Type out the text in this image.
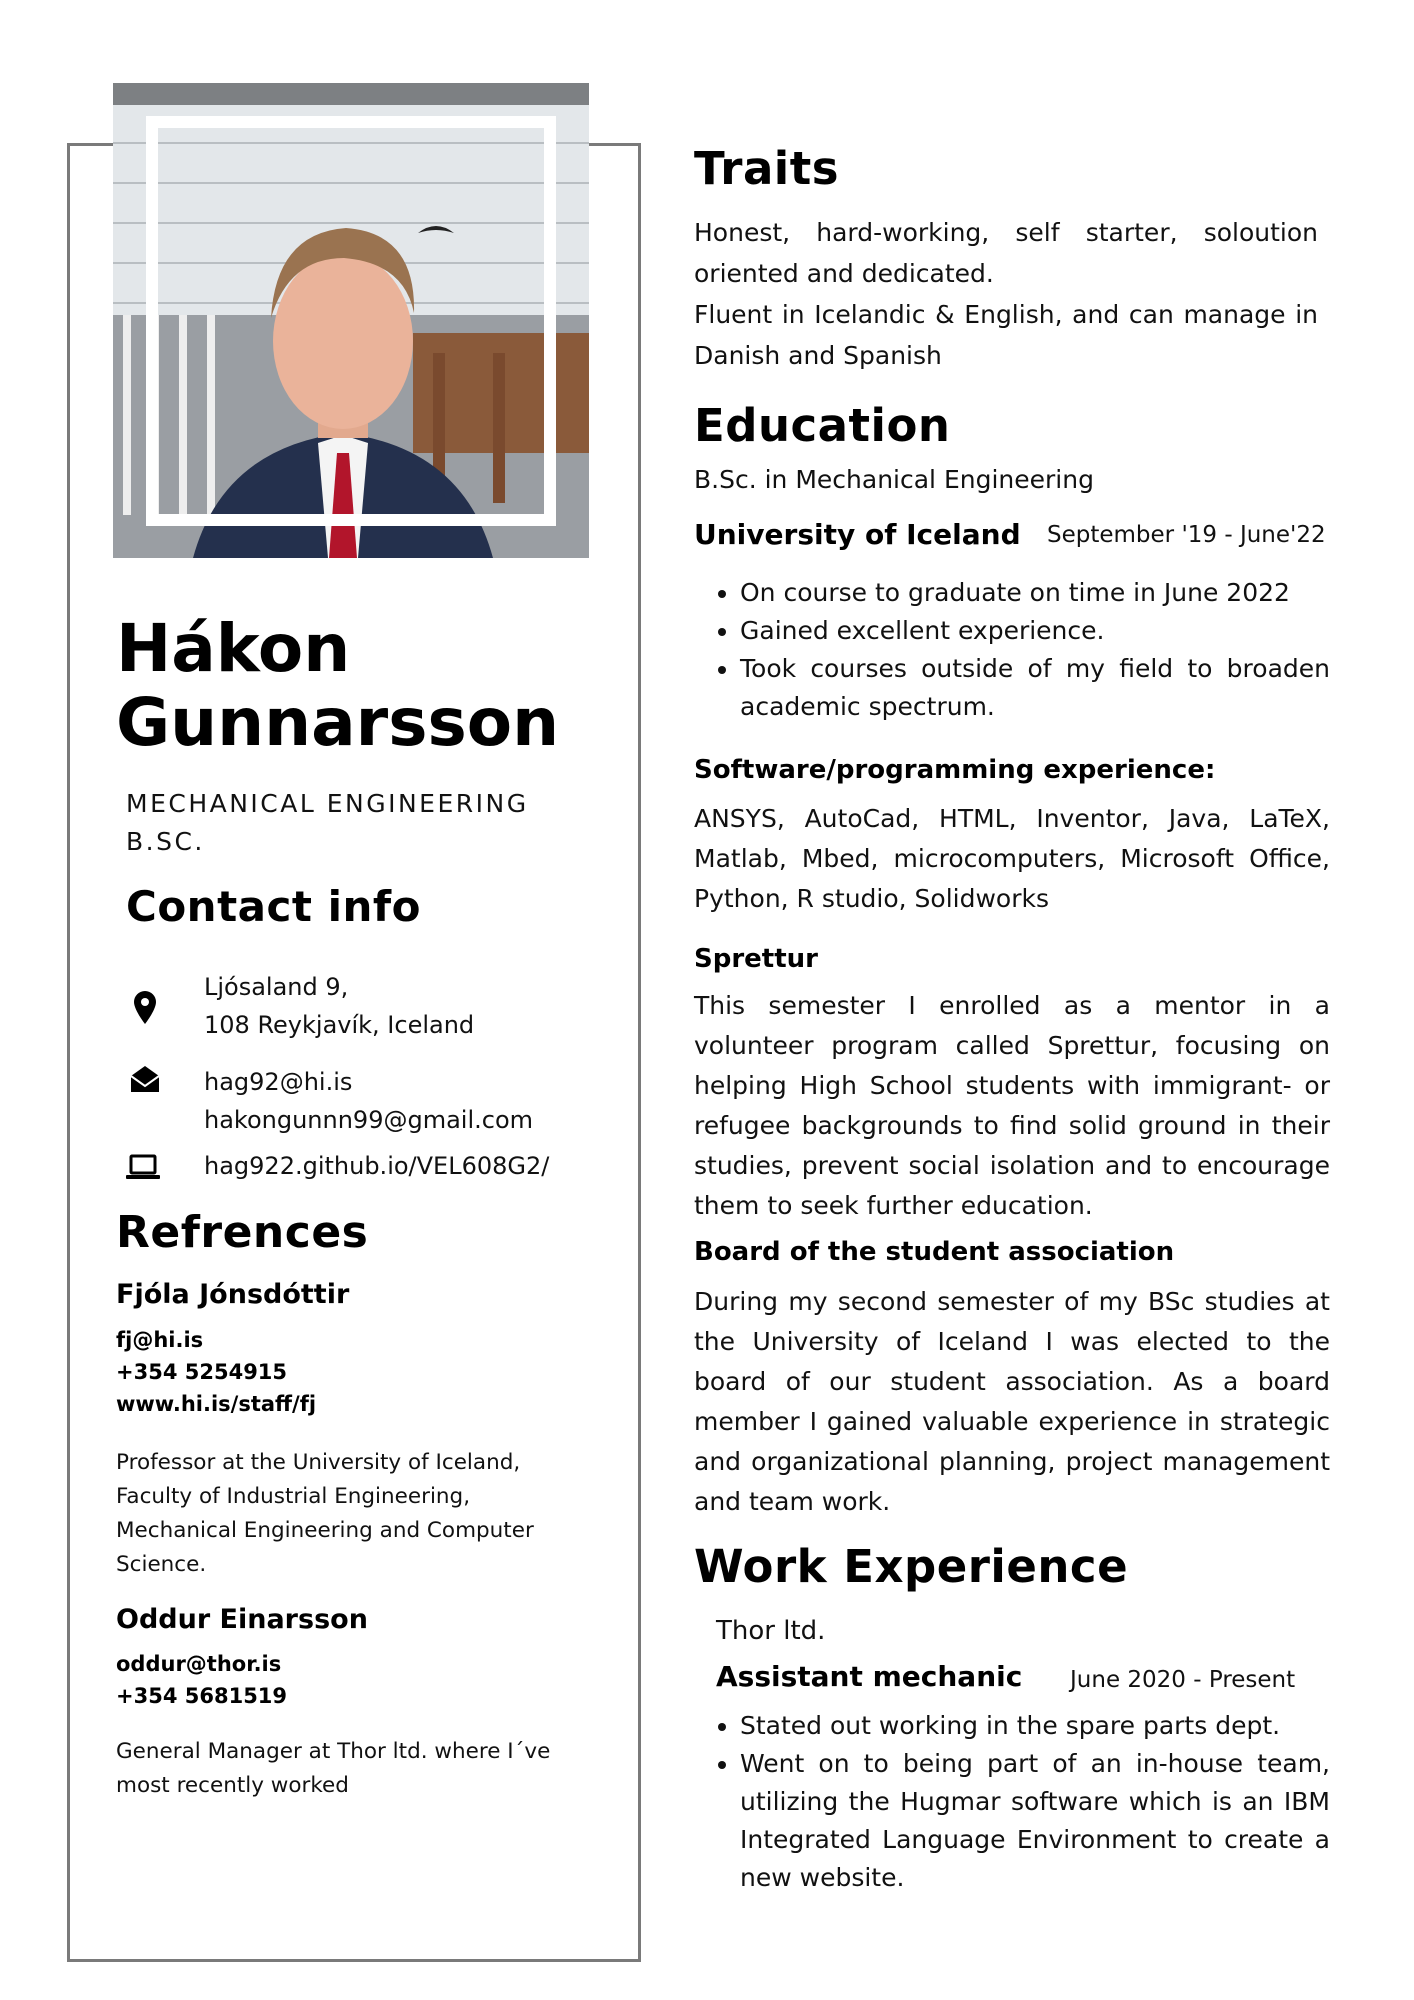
Hákon Gunnarsson
MECHANICAL ENGINEERING B.SC.
Contact info
Ljósaland 9,
108 Reykjavík, Iceland
hag92@hi.is
hakongunnn99@gmail.com
hag922.github.io/VEL608G2/
Refrences
Fjóla Jónsdóttir
fj@hi.is
+354 5254915
www.hi.is/staff/fj
Professor at the University of Iceland, Faculty of Industrial Engineering, Mechanical Engineering and Computer Science.
Oddur Einarsson
oddur@thor.is
+354 5681519
General Manager at Thor ltd. where I´ve most recently worked
Traits
Honest, hard-working, self starter, soloution oriented and dedicated.
Fluent in Icelandic & English, and can manage in Danish and Spanish
Education
B.Sc. in Mechanical Engineering
University of Iceland September '19 - June'22
• On course to graduate on time in June 2022
• Gained excellent experience.
• Took courses outside of my field to broaden academic spectrum.
Software/programming experience:
ANSYS, AutoCad, HTML, Inventor, Java, LaTeX, Matlab, Mbed, microcomputers, Microsoft Office, Python, R studio, Solidworks
Sprettur
This semester I enrolled as a mentor in a volunteer program called Sprettur, focusing on helping High School students with immigrant- or refugee backgrounds to find solid ground in their studies, prevent social isolation and to encourage them to seek further education.
Board of the student association
During my second semester of my BSc studies at the University of Iceland I was elected to the board of our student association. As a board member I gained valuable experience in strategic and organizational planning, project management and team work.
Work Experience
Thor ltd.
Assistant mechanic June 2020 - Present
• Stated out working in the spare parts dept.
• Went on to being part of an in-house team, utilizing the Hugmar software which is an IBM Integrated Language Environment to create a new website.
